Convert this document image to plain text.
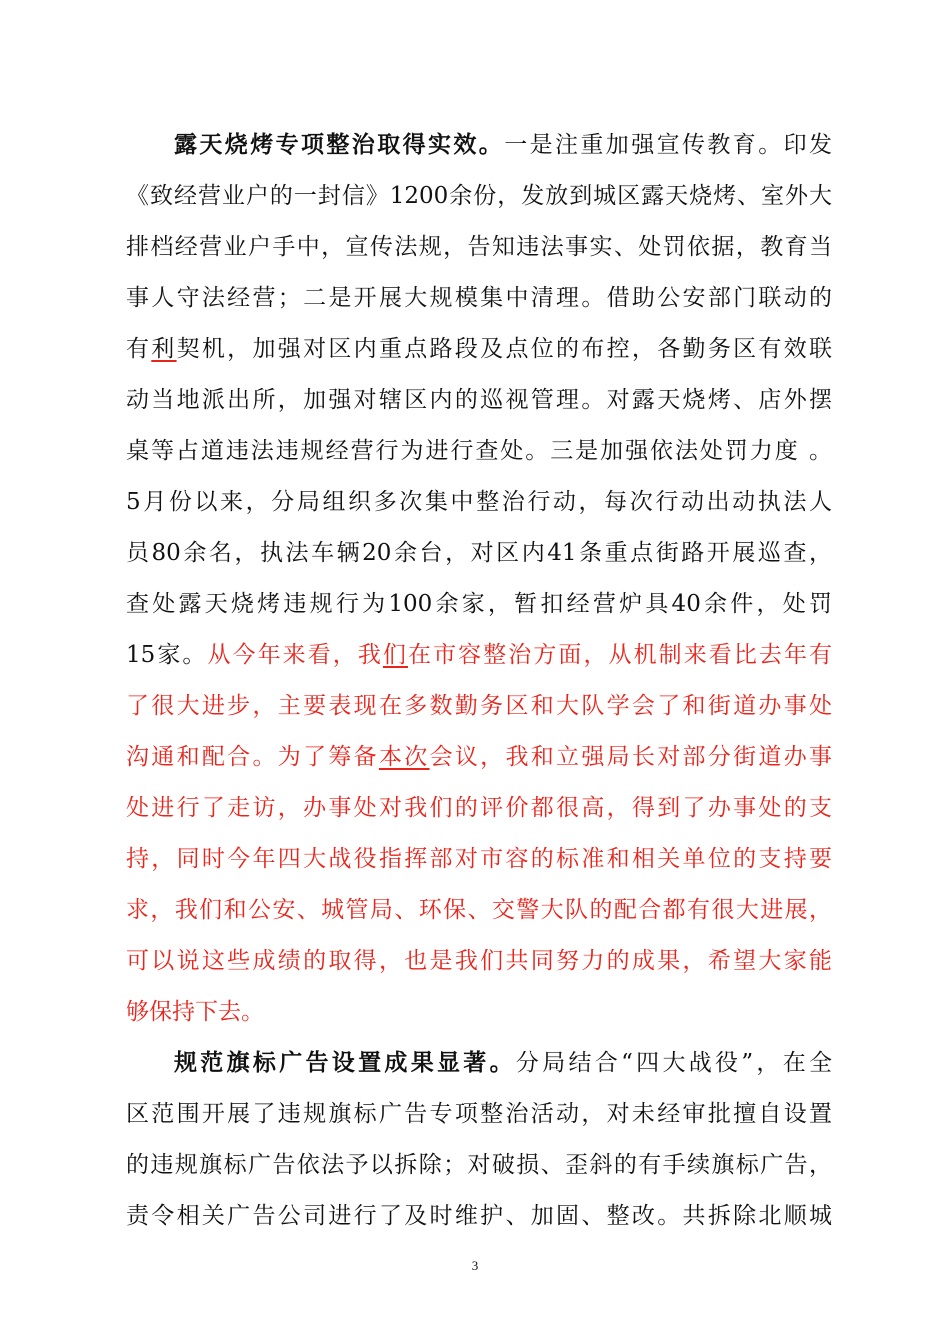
露天烧烤专项整治取得实效。一是注重加强宣传教育。印发
《致经营业户的一封信》1200余份，发放到城区露天烧烤、室外大
排档经营业户手中，宣传法规，告知违法事实、处罚依据，教育当
事人守法经营；二是开展大规模集中清理。借助公安部门联动的
有利契机，加强对区内重点路段及点位的布控，各勤务区有效联
动当地派出所，加强对辖区内的巡视管理。对露天烧烤、店外摆
桌等占道违法违规经营行为进行查处。三是加强依法处罚力度 。
5月份以来，分局组织多次集中整治行动，每次行动出动执法人
员80余名，执法车辆20余台，对区内41条重点街路开展巡查，
查处露天烧烤违规行为100余家，暂扣经营炉具40余件，处罚
15家。从今年来看，我们在市容整治方面，从机制来看比去年有
了很大进步，主要表现在多数勤务区和大队学会了和街道办事处
沟通和配合。为了筹备本次会议，我和立强局长对部分街道办事
处进行了走访，办事处对我们的评价都很高，得到了办事处的支
持，同时今年四大战役指挥部对市容的标准和相关单位的支持要
求，我们和公安、城管局、环保、交警大队的配合都有很大进展，
可以说这些成绩的取得，也是我们共同努力的成果，希望大家能
够保持下去。
规范旗标广告设置成果显著。分局结合“四大战役”，在全
区范围开展了违规旗标广告专项整治活动，对未经审批擅自设置
的违规旗标广告依法予以拆除；对破损、歪斜的有手续旗标广告，
责令相关广告公司进行了及时维护、加固、整改。共拆除北顺城
3
